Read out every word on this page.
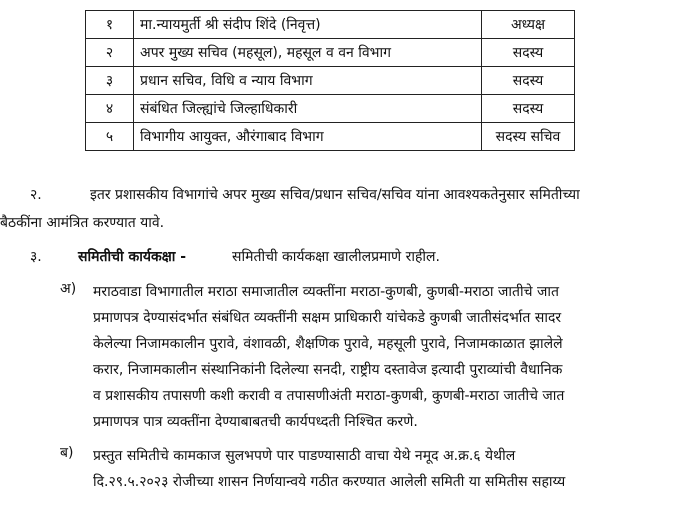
१	मा.न्यायमुर्ती श्री संदीप शिंदे (निवृत्त)	अध्यक्ष
२	अपर मुख्य सचिव (महसूल), महसूल व वन विभाग	सदस्य
३	प्रधान सचिव, विधि व न्याय विभाग	सदस्य
४	संबंधित जिल्ह्यांचे जिल्हाधिकारी	सदस्य
५	विभागीय आयुक्त, औरंगाबाद विभाग	सदस्य सचिव
२.	इतर प्रशासकीय विभागांचे अपर मुख्य सचिव/प्रधान सचिव/सचिव यांना आवश्यकतेनुसार समितीच्या
बैठकींना आमंत्रित करण्यात यावे.
३.	समितीची कार्यकक्षा -	समितीची कार्यकक्षा खालीलप्रमाणे राहील.
अ) मराठवाडा विभागातील मराठा समाजातील व्यक्तींना मराठा-कुणबी, कुणबी-मराठा जातीचे जात
प्रमाणपत्र देण्यासंदर्भात संबंधित व्यक्तींनी सक्षम प्राधिकारी यांचेकडे कुणबी जातीसंदर्भात सादर
केलेल्या निजामकालीन पुरावे, वंशावळी, शैक्षणिक पुरावे, महसूली पुरावे, निजामकाळात झालेले
करार, निजामकालीन संस्थानिकांनी दिलेल्या सनदी, राष्ट्रीय दस्तावेज इत्यादी पुराव्यांची वैधानिक
व प्रशासकीय तपासणी कशी करावी व तपासणीअंती मराठा-कुणबी, कुणबी-मराठा जातीचे जात
प्रमाणपत्र पात्र व्यक्तींना देण्याबाबतची कार्यपध्दती निश्चित करणे.
ब) प्रस्तुत समितीचे कामकाज सुलभपणे पार पाडण्यासाठी वाचा येथे नमूद अ.क्र.६ येथील
दि.२९.५.२०२३ रोजीच्या शासन निर्णयान्वये गठीत करण्यात आलेली समिती या समितीस सहाय्य
